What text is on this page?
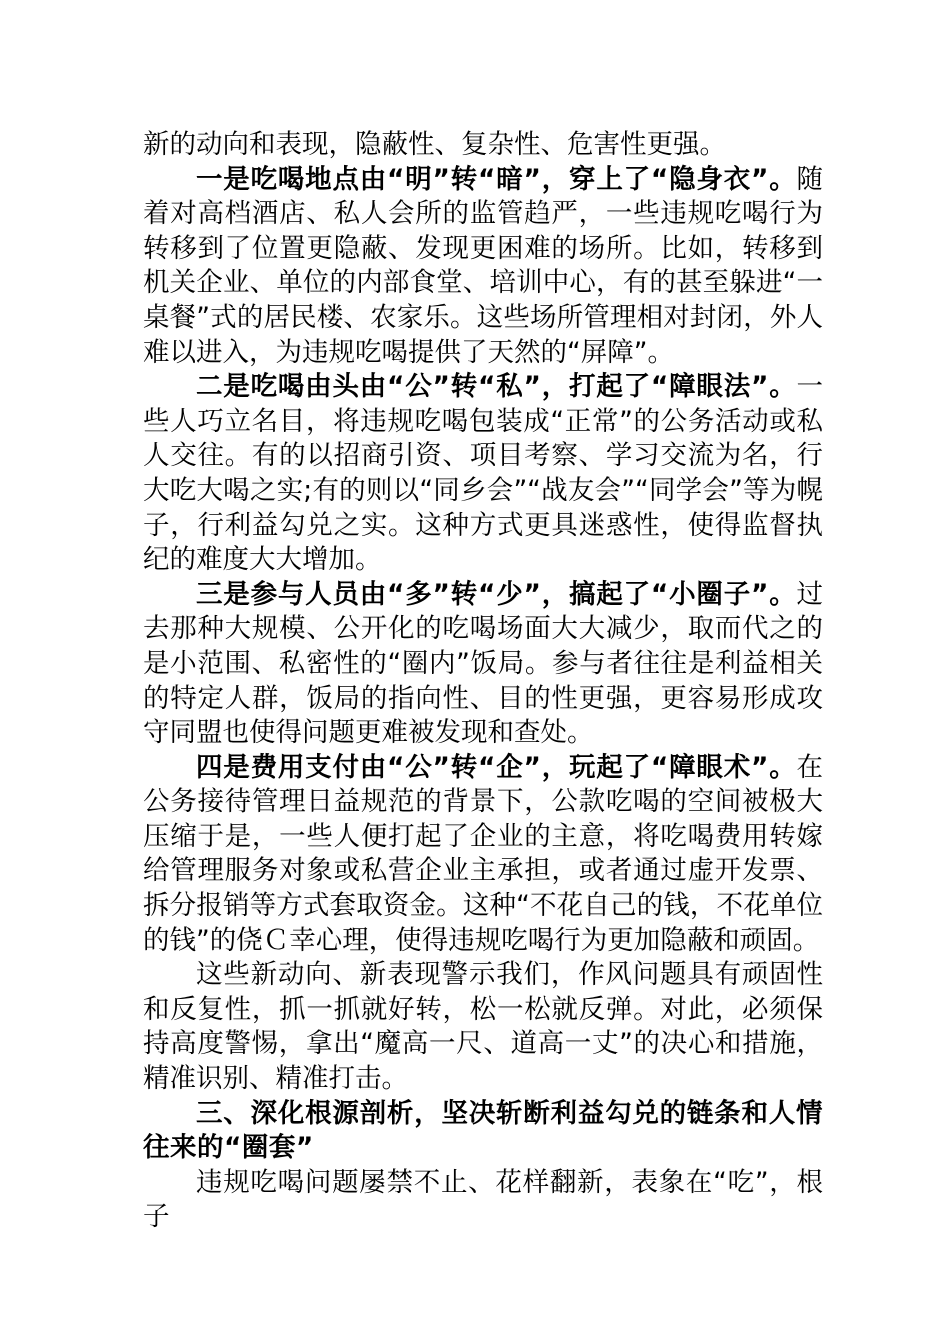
新的动向和表现，隐蔽性、复杂性、危害性更强。

一是吃喝地点由“明”转“暗”，穿上了“隐身衣”。随着对高档酒店、私人会所的监管趋严，一些违规吃喝行为转移到了位置更隐蔽、发现更困难的场所。比如，转移到机关企业、单位的内部食堂、培训中心，有的甚至躲进“一桌餐”式的居民楼、农家乐。这些场所管理相对封闭，外人难以进入，为违规吃喝提供了天然的“屏障”。

二是吃喝由头由“公”转“私”，打起了“障眼法”。一些人巧立名目，将违规吃喝包装成“正常”的公务活动或私人交往。有的以招商引资、项目考察、学习交流为名，行大吃大喝之实;有的则以“同乡会”“战友会”“同学会”等为幌子，行利益勾兑之实。这种方式更具迷惑性，使得监督执纪的难度大大增加。

三是参与人员由“多”转“少”，搞起了“小圈子”。过去那种大规模、公开化的吃喝场面大大减少，取而代之的是小范围、私密性的“圈内”饭局。参与者往往是利益相关的特定人群，饭局的指向性、目的性更强，更容易形成攻守同盟也使得问题更难被发现和查处。

四是费用支付由“公”转“企”，玩起了“障眼术”。在公务接待管理日益规范的背景下，公款吃喝的空间被极大压缩于是，一些人便打起了企业的主意，将吃喝费用转嫁给管理服务对象或私营企业主承担，或者通过虚开发票、拆分报销等方式套取资金。这种“不花自己的钱，不花单位的钱”的侥Ｃ幸心理，使得违规吃喝行为更加隐蔽和顽固。

这些新动向、新表现警示我们，作风问题具有顽固性和反复性，抓一抓就好转，松一松就反弹。对此，必须保持高度警惕，拿出“魔高一尺、道高一丈”的决心和措施，精准识别、精准打击。

三、深化根源剖析，坚决斩断利益勾兑的链条和人情往来的“圈套”

违规吃喝问题屡禁不止、花样翻新，表象在“吃”，根子
